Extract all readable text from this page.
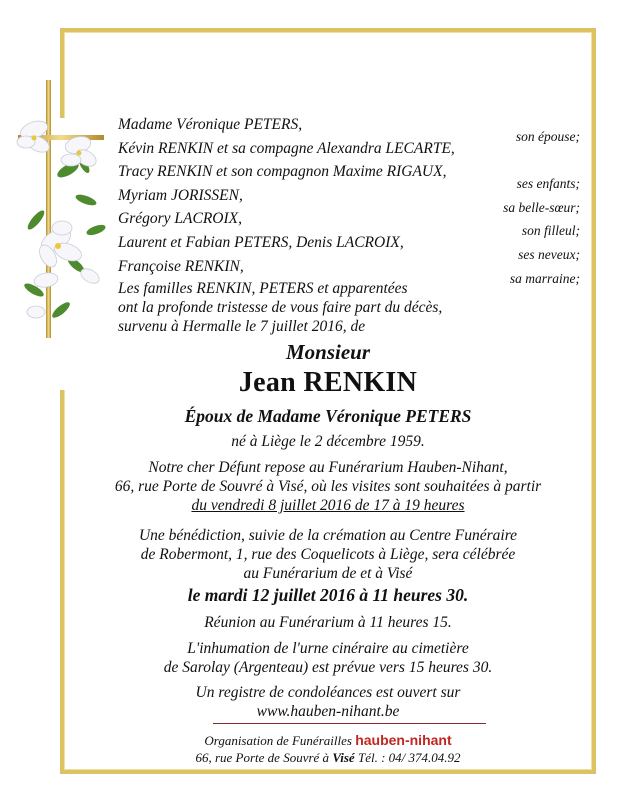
Madame Véronique PETERS,
son épouse;
Kévin RENKIN et sa compagne Alexandra LECARTE,
Tracy RENKIN et son compagnon Maxime RIGAUX,
ses enfants;
Myriam JORISSEN,
sa belle-sœur;
Grégory LACROIX,
son filleul;
Laurent et Fabian PETERS, Denis LACROIX,
ses neveux;
Françoise RENKIN,
sa marraine;
Les familles RENKIN, PETERS et apparentées
ont la profonde tristesse de vous faire part du décès,
survenu à Hermalle le 7 juillet 2016, de
Monsieur
Jean RENKIN
Époux de Madame Véronique PETERS
né à Liège le 2 décembre 1959.
Notre cher Défunt repose au Funérarium Hauben-Nihant,
66, rue Porte de Souvré à Visé, où les visites sont souhaitées à partir
du vendredi 8 juillet 2016 de 17 à 19 heures
Une bénédiction, suivie de la crémation au Centre Funéraire
de Robermont, 1, rue des Coquelicots à Liège, sera célébrée
au Funérarium de et à Visé
le mardi 12 juillet 2016 à 11 heures 30.
Réunion au Funérarium à 11 heures 15.
L'inhumation de l'urne cinéraire au cimetière
de Sarolay (Argenteau) est prévue vers 15 heures 30.
Un registre de condoléances est ouvert sur
www.hauben-nihant.be
Organisation de Funérailles hauben-nihant
66, rue Porte de Souvré à Visé Tél. : 04/ 374.04.92
